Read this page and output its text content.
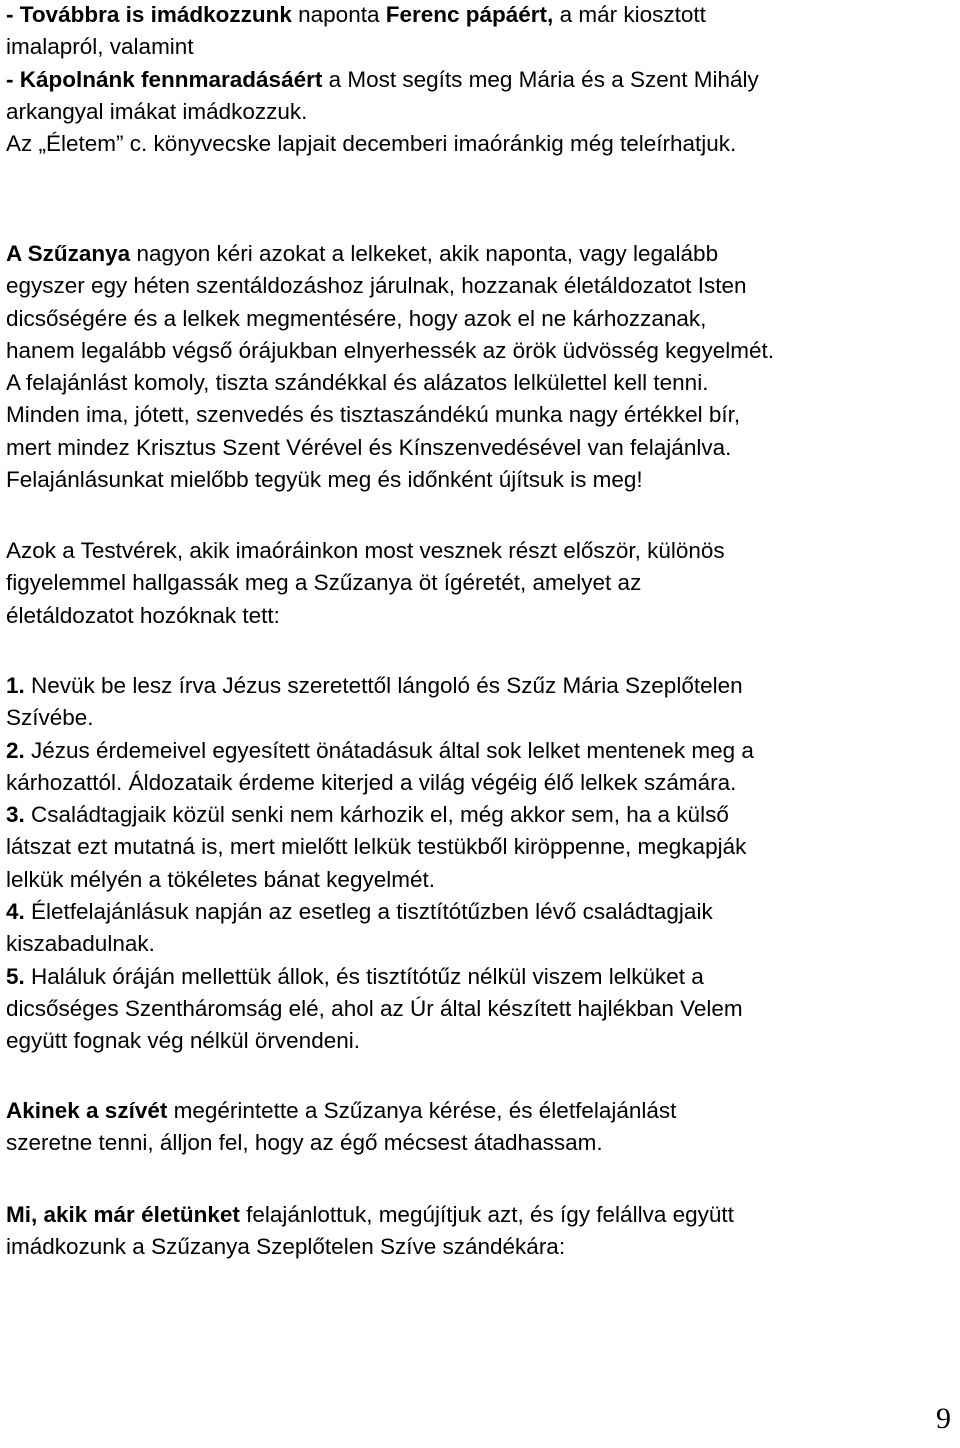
- Továbbra is imádkozzunk naponta Ferenc pápáért, a már kiosztott
imalapról, valamint
- Kápolnánk fennmaradásáért a Most segíts meg Mária és a Szent Mihály
arkangyal imákat imádkozzuk.
Az „Életem” c. könyvecske lapjait decemberi imaóránkig még teleírhatjuk.
A Szűzanya nagyon kéri azokat a lelkeket, akik naponta, vagy legalább
egyszer egy héten szentáldozáshoz járulnak, hozzanak életáldozatot Isten
dicsőségére és a lelkek megmentésére, hogy azok el ne kárhozzanak,
hanem legalább végső órájukban elnyerhessék az örök üdvösség kegyelmét.
A felajánlást komoly, tiszta szándékkal és alázatos lelkülettel kell tenni.
Minden ima, jótett, szenvedés és tisztaszándékú munka nagy értékkel bír,
mert mindez Krisztus Szent Vérével és Kínszenvedésével van felajánlva.
Felajánlásunkat mielőbb tegyük meg és időnként újítsuk is meg!
Azok a Testvérek, akik imaóráinkon most vesznek részt először, különös
figyelemmel hallgassák meg a Szűzanya öt ígéretét, amelyet az
életáldozatot hozóknak tett:
1. Nevük be lesz írva Jézus szeretettől lángoló és Szűz Mária Szeplőtelen
Szívébe.
2. Jézus érdemeivel egyesített önátadásuk által sok lelket mentenek meg a
kárhozattól. Áldozataik érdeme kiterjed a világ végéig élő lelkek számára.
3. Családtagjaik közül senki nem kárhozik el, még akkor sem, ha a külső
látszat ezt mutatná is, mert mielőtt lelkük testükből kiröppenne, megkapják
lelkük mélyén a tökéletes bánat kegyelmét.
4. Életfelajánlásuk napján az esetleg a tisztítótűzben lévő családtagjaik
kiszabadulnak.
5. Haláluk óráján mellettük állok, és tisztítótűz nélkül viszem lelküket a
dicsőséges Szentháromság elé, ahol az Úr által készített hajlékban Velem
együtt fognak vég nélkül örvendeni.
Akinek a szívét megérintette a Szűzanya kérése, és életfelajánlást
szeretne tenni, álljon fel, hogy az égő mécsest átadhassam.
Mi, akik már életünket felajánlottuk, megújítjuk azt, és így felállva együtt
imádkozunk a Szűzanya Szeplőtelen Szíve szándékára:
9
